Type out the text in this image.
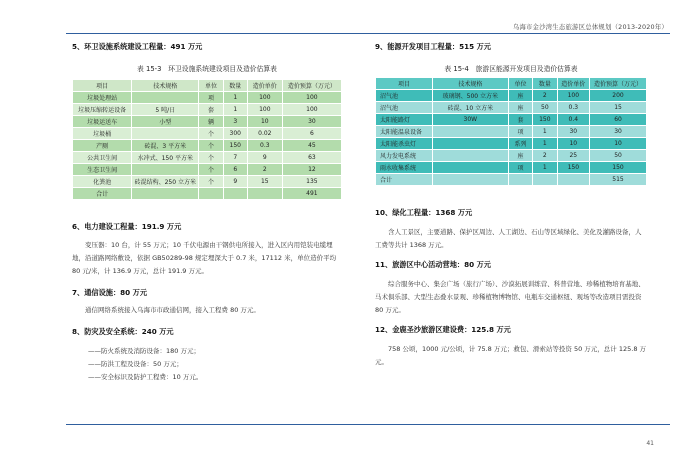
乌海市金沙湾生态旅游区总体规划（2013-2020年）
5、环卫设施系统建设工程量：491 万元
表 15-3　环卫设施系统建设项目及造价估算表
项目	技术规格	单位	数量	造价单价	造价预算（万元）
垃圾处理站		项	1	100	100
垃圾压缩转运设备	5 吨/日	套	1	100	100
垃圾运送车	小型	辆	3	10	30
垃圾桶		个	300	0.02	6
产厕	砖混、3 平方米	个	150	0.3	45
公共卫生间	水冲式、150 平方米	个	7	9	63
生态卫生间		个	6	2	12
化粪池	砖混结构、250 立方米	个	9	15	135
合计					491
6、电力建设工程量：191.9 万元
变压器：10 台，计 55 万元；10 千伏电源由干钢供电所接入，进入区内用铠装电缆埋地，沿道路网络敷设，依据 GB50289-98 规定埋深大于 0.7 米，17112 米，单位造价平均 80 元/米，计 136.9 万元，总计 191.9 万元。
7、通信设施：80 万元
通信网络系统接入乌海市市政通信网，接入工程费 80 万元。
8、防灾及安全系统：240 万元
——防火系统及消防设备：180 万元；
——防洪工程及设备：50 万元；
——安全标识及防护工程费：10 万元。
9、能源开发项目工程量：515 万元
表 15-4　旅游区能源开发项目及造价估算表
项目	技术规格	单位	数量	造价单价	造价预算（万元）
沼气池	玻璃钢、500 立方米	座	2	100	200
沼气池	砖混、10 立方米	座	50	0.3	15
太阳能路灯	30W	套	150	0.4	60
太阳能温泉设备		项	1	30	30
太阳能杀虫灯		系列	1	10	10
风力发电系统		座	2	25	50
雨水收集系统		项	1	150	150
合计					515
10、绿化工程量：1368 万元
含人工景区，主要道路、保护区周边、人工湖边、石山等区域绿化、美化及灌路设备，人工费等共计 1368 万元。
11、旅游区中心活动营地：80 万元
综合服务中心、集会广场（旅行广场）、沙漠拓展训练营、科普营地、珍稀植物培育基地、马术俱乐部、大型生态叠水景观、珍稀植物博物馆、电瓶车交通枢纽、观场等改造项目需投资 80 万元。
12、金鹿圣沙旅游区建设费：125.8 万元
758 公顷，1000 元/公顷，计 75.8 万元；救包、滑索站等投资 50 万元，总计 125.8 万元。
41
